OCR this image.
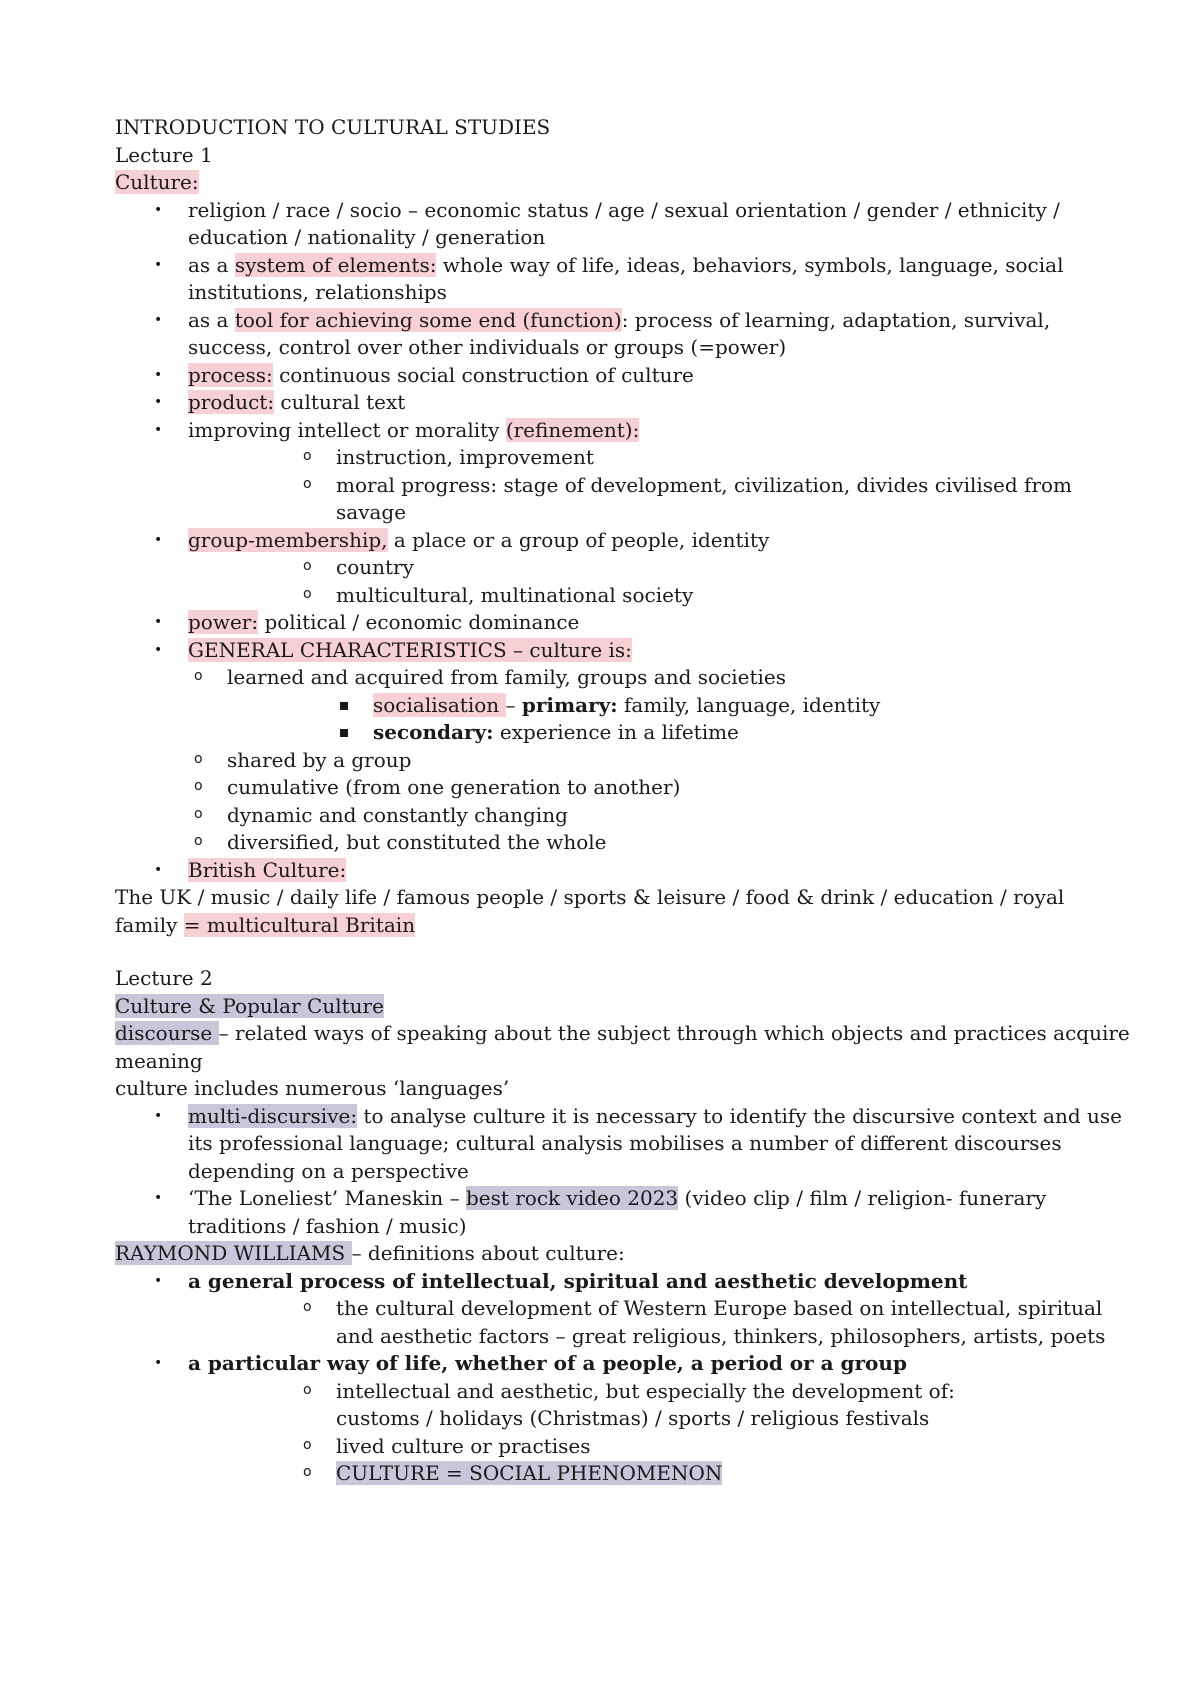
INTRODUCTION TO CULTURAL STUDIES
Lecture 1
Culture:
• religion / race / socio – economic status / age / sexual orientation / gender / ethnicity /
education / nationality / generation
• as a system of elements: whole way of life, ideas, behaviors, symbols, language, social
institutions, relationships
• as a tool for achieving some end (function): process of learning, adaptation, survival,
success, control over other individuals or groups (=power)
• process: continuous social construction of culture
• product: cultural text
• improving intellect or morality (refinement):
o instruction, improvement
o moral progress: stage of development, civilization, divides civilised from
savage
• group-membership, a place or a group of people, identity
o country
o multicultural, multinational society
• power: political / economic dominance
• GENERAL CHARACTERISTICS – culture is:
o learned and acquired from family, groups and societies
socialisation – primary: family, language, identity
secondary: experience in a lifetime
o shared by a group
o cumulative (from one generation to another)
o dynamic and constantly changing
o diversified, but constituted the whole
• British Culture:
The UK / music / daily life / famous people / sports & leisure / food & drink / education / royal
family = multicultural Britain
Lecture 2
Culture & Popular Culture
discourse – related ways of speaking about the subject through which objects and practices acquire
meaning
culture includes numerous ‘languages’
• multi-discursive: to analyse culture it is necessary to identify the discursive context and use
its professional language; cultural analysis mobilises a number of different discourses
depending on a perspective
• ‘The Loneliest’ Maneskin – best rock video 2023 (video clip / film / religion- funerary
traditions / fashion / music)
RAYMOND WILLIAMS – definitions about culture:
• a general process of intellectual, spiritual and aesthetic development
o the cultural development of Western Europe based on intellectual, spiritual
and aesthetic factors – great religious, thinkers, philosophers, artists, poets
• a particular way of life, whether of a people, a period or a group
o intellectual and aesthetic, but especially the development of:
customs / holidays (Christmas) / sports / religious festivals
o lived culture or practises
o CULTURE = SOCIAL PHENOMENON
